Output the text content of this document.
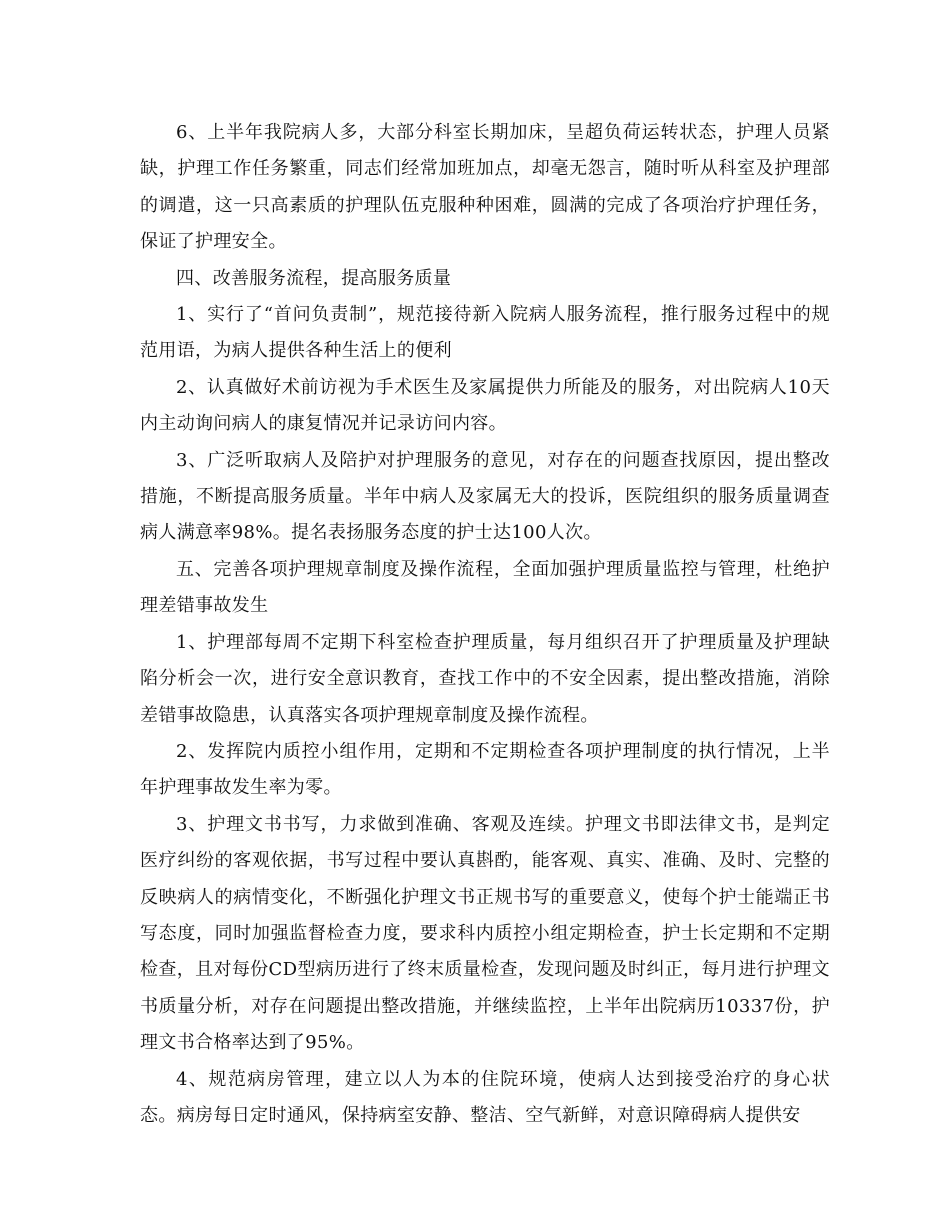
6、上半年我院病人多，大部分科室长期加床，呈超负荷运转状态，护理人员紧缺，护理工作任务繁重，同志们经常加班加点，却毫无怨言，随时听从科室及护理部的调遣，这一只高素质的护理队伍克服种种困难，圆满的完成了各项治疗护理任务，保证了护理安全。

四、改善服务流程，提高服务质量

1、实行了“首问负责制”，规范接待新入院病人服务流程，推行服务过程中的规范用语，为病人提供各种生活上的便利

2、认真做好术前访视为手术医生及家属提供力所能及的服务，对出院病人10天内主动询问病人的康复情况并记录访问内容。

3、广泛听取病人及陪护对护理服务的意见，对存在的问题查找原因，提出整改措施，不断提高服务质量。半年中病人及家属无大的投诉，医院组织的服务质量调查病人满意率98%。提名表扬服务态度的护士达100人次。

五、完善各项护理规章制度及操作流程，全面加强护理质量监控与管理，杜绝护理差错事故发生

1、护理部每周不定期下科室检查护理质量，每月组织召开了护理质量及护理缺陷分析会一次，进行安全意识教育，查找工作中的不安全因素，提出整改措施，消除差错事故隐患，认真落实各项护理规章制度及操作流程。

2、发挥院内质控小组作用，定期和不定期检查各项护理制度的执行情况，上半年护理事故发生率为零。

3、护理文书书写，力求做到准确、客观及连续。护理文书即法律文书，是判定医疗纠纷的客观依据，书写过程中要认真斟酌，能客观、真实、准确、及时、完整的反映病人的病情变化，不断强化护理文书正规书写的重要意义，使每个护士能端正书写态度，同时加强监督检查力度，要求科内质控小组定期检查，护士长定期和不定期检查，且对每份CD型病历进行了终末质量检查，发现问题及时纠正，每月进行护理文书质量分析，对存在问题提出整改措施，并继续监控，上半年出院病历10337份，护理文书合格率达到了95%。

4、规范病房管理，建立以人为本的住院环境，使病人达到接受治疗的身心状态。病房每日定时通风，保持病室安静、整洁、空气新鲜，对意识障碍病人提供安
